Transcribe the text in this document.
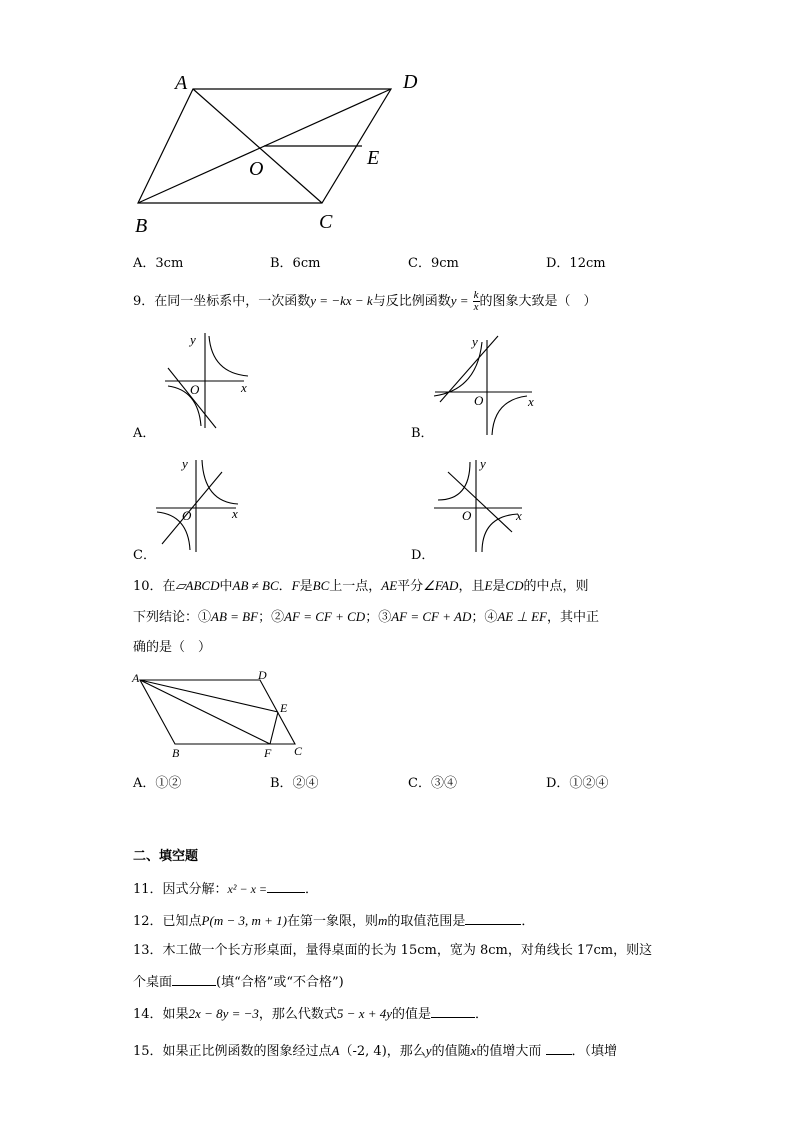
A	D
O	E
B	C
A．3cm	B．6cm	C．9cm	D．12cm
9．在同一坐标系中，一次函数y = −kx − k与反比例函数$y = \frac{k}{x}$ 的图象大致是（　）
y
x
O
A．
y
x
O
B．
y
x
O
C．
y
x
O
D．
10．在▱ABCD中AB ≠ BC．F是BC上一点，AE平分∠FAD，且E是CD的中点，则
下列结论：①AB = BF；②AF = CF + CD；③AF = CF + AD；④AE ⊥ EF，其中正
确的是（　）
A	D
E
B	F C
A．①②	B．②④	C．③④	D．①②④
二、填空题
11．因式分解：x² − x =	．
12．已知点P(m − 3, m + 1)在第一象限，则m的取值范围是	．
13．木工做一个长方形桌面，量得桌面的长为 15cm，宽为 8cm，对角线长 17cm，则这
个桌面	(填“合格”或“不合格”)
14．如果2x − 8y = −3，那么代数式5 − x + 4y的值是	．
15．如果正比例函数的图象经过点A（-2, 4)，那么y的值随x的值增大而 ．（填增
